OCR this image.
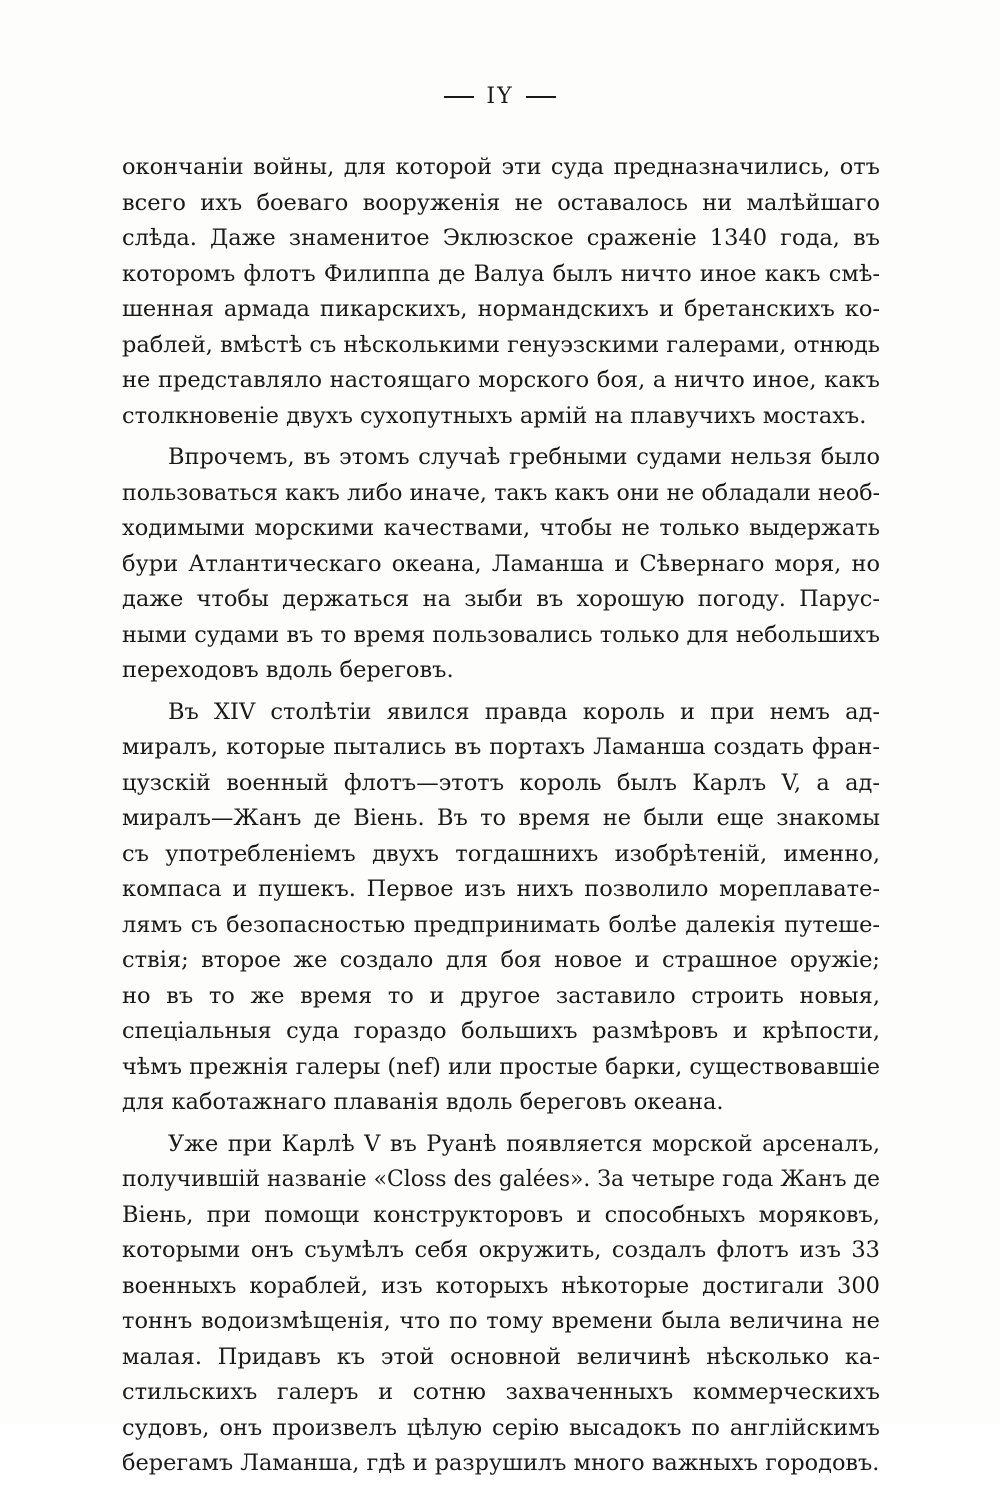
IY
окончанiи войны, для которой эти суда предназначились, отъ
всего ихъ боеваго вооруженiя не оставалось ни малѣйшаго
слѣда. Даже знаменитое Эклюзское сраженiе 1340 года, въ
которомъ флотъ Филиппа де Валуа былъ ничто иное какъ смѣ-
шенная армада пикарскихъ, нормандскихъ и бретанскихъ ко-
раблей, вмѣстѣ съ нѣсколькими генуэзскими галерами, отнюдь
не представляло настоящаго морского боя, а ничто иное, какъ
столкновенiе двухъ сухопутныхъ армiй на плавучихъ мостахъ.
Впрочемъ, въ этомъ случаѣ гребными судами нельзя было
пользоваться какъ либо иначе, такъ какъ они не обладали необ-
ходимыми морскими качествами, чтобы не только выдержать
бури Атлантическаго океана, Ламанша и Сѣвернаго моря, но
даже чтобы держаться на зыби въ хорошую погоду. Парус-
ными судами въ то время пользовались только для небольшихъ
переходовъ вдоль береговъ.
Въ XIV столѣтiи явился правда король и при немъ ад-
миралъ, которые пытались въ портахъ Ламанша создать фран-
цузскiй военный флотъ—этотъ король былъ Карлъ V, а ад-
миралъ—Жанъ де Вiень. Въ то время не были еще знакомы
съ употребленiемъ двухъ тогдашнихъ изобрѣтенiй, именно,
компаса и пушекъ. Первое изъ нихъ позволило мореплавате-
лямъ съ безопасностью предпринимать болѣе далекiя путеше-
ствiя; второе же создало для боя новое и страшное оружiе;
но въ то же время то и другое заставило строить новыя,
спецiальныя суда гораздо большихъ размѣровъ и крѣпости,
чѣмъ прежнiя галеры (nef) или простые барки, существовавшiе
для каботажнаго плаванiя вдоль береговъ океана.
Уже при Карлѣ V въ Руанѣ появляется морской арсеналъ,
получившiй названiе «Closs des galées». За четыре года Жанъ де
Вiень, при помощи конструкторовъ и способныхъ моряковъ,
которыми онъ съумѣлъ себя окружить, создалъ флотъ изъ 33
военныхъ кораблей, изъ которыхъ нѣкоторые достигали 300
тоннъ водоизмѣщенiя, что по тому времени была величина не
малая. Придавъ къ этой основной величинѣ нѣсколько ка-
стильскихъ галеръ и сотню захваченныхъ коммерческихъ
судовъ, онъ произвелъ цѣлую серiю высадокъ по англiйскимъ
берегамъ Ламанша, гдѣ и разрушилъ много важныхъ городовъ.
